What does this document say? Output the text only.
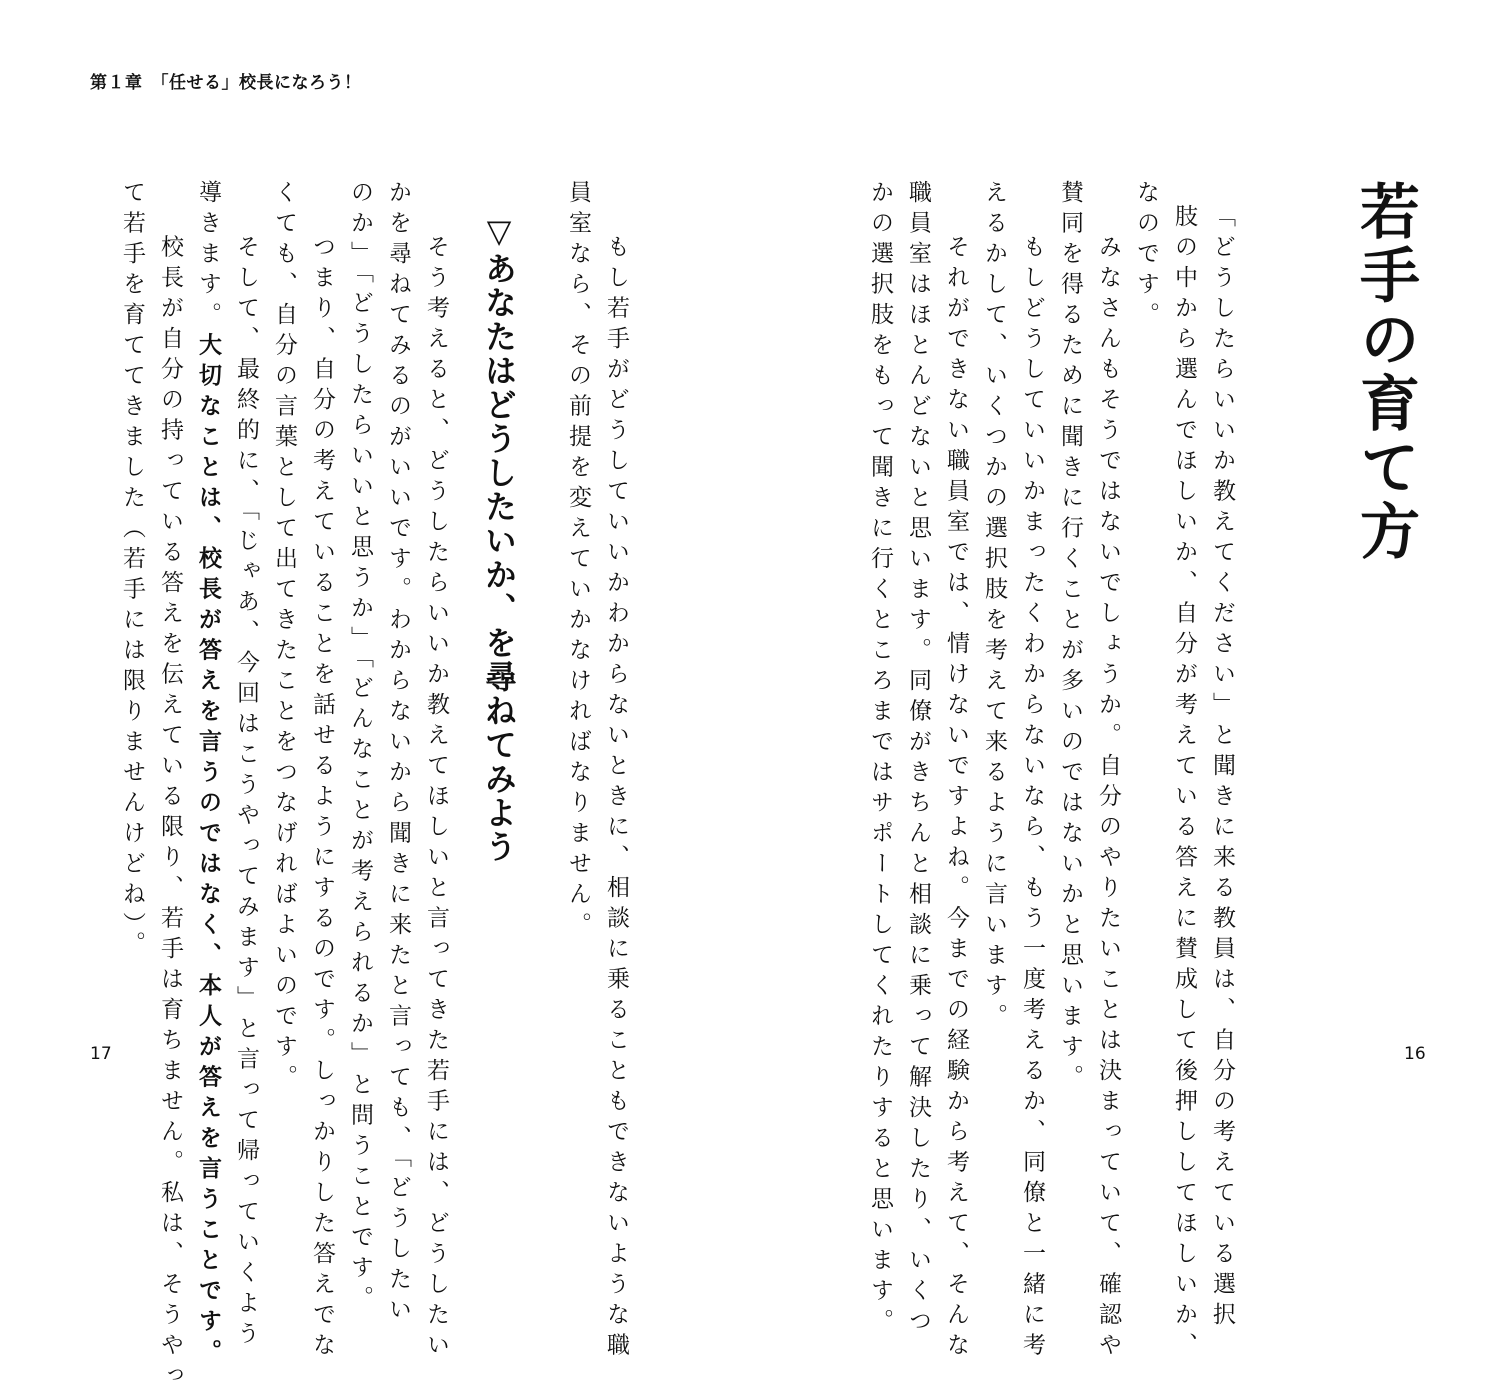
第１章　「任せる」校長になろう！
若手の育て方
「どうしたらいいか教えてください」と聞きに来る教員は、自分の考えている選択
肢の中から選んでほしいか、自分が考えている答えに賛成して後押ししてほしいか、
なのです。
　みなさんもそうではないでしょうか。自分のやりたいことは決まっていて、確認や
賛同を得るために聞きに行くことが多いのではないかと思います。
　もしどうしていいかまったくわからないなら、もう一度考えるか、同僚と一緒に考
えるかして、いくつかの選択肢を考えて来るように言います。
　それができない職員室では、情けないですよね。今までの経験から考えて、そんな
職員室はほとんどないと思います。同僚がきちんと相談に乗って解決したり、いくつ
かの選択肢をもって聞きに行くところまではサポートしてくれたりすると思います。
　もし若手がどうしていいかわからないときに、相談に乗ることもできないような職
員室なら、その前提を変えていかなければなりません。
▽あなたはどうしたいか、を尋ねてみよう
　そう考えると、どうしたらいいか教えてほしいと言ってきた若手には、どうしたい
かを尋ねてみるのがいいです。わからないから聞きに来たと言っても、「どうしたい
のか」「どうしたらいいと思うか」「どんなことが考えられるか」と問うことです。
　つまり、自分の考えていることを話せるようにするのです。しっかりした答えでな
くても、自分の言葉として出てきたことをつなげればよいのです。
　そして、最終的に、「じゃあ、今回はこうやってみます」と言って帰っていくよう
導きます。大切なことは、校長が答えを言うのではなく、本人が答えを言うことです。
　校長が自分の持っている答えを伝えている限り、若手は育ちません。私は、そうやっ
て若手を育ててきました（若手には限りませんけどね）。
17	16
